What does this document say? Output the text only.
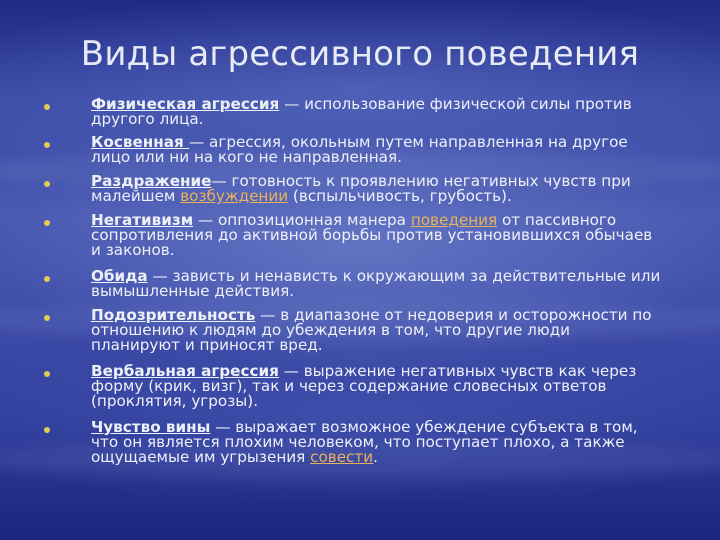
Виды агрессивного поведения
Физическая агрессия — использование физической силы против
другого лица.
Косвенная — агрессия, окольным путем направленная на другое
лицо или ни на кого не направленная.
Раздражение— готовность к проявлению негативных чувств при
малейшем возбуждении (вспыльчивость, грубость).
Негативизм — оппозиционная манера поведения от пассивного
сопротивления до активной борьбы против установившихся обычаев
и законов.
Обида — зависть и ненависть к окружающим за действительные или
вымышленные действия.
Подозрительность — в диапазоне от недоверия и осторожности по
отношению к людям до убеждения в том, что другие люди
планируют и приносят вред.
Вербальная агрессия — выражение негативных чувств как через
форму (крик, визг), так и через содержание словесных ответов
(проклятия, угрозы).
Чувство вины — выражает возможное убеждение субъекта в том,
что он является плохим человеком, что поступает плохо, а также
ощущаемые им угрызения совести.
